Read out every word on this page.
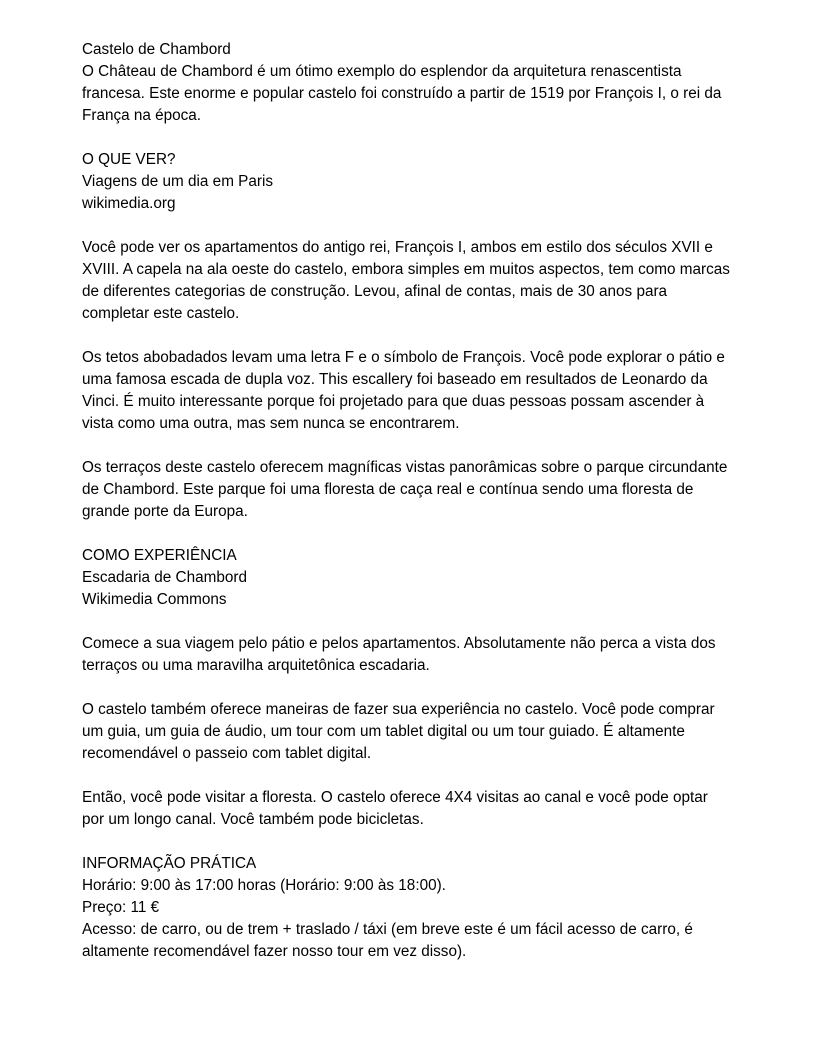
Castelo de Chambord
O Château de Chambord é um ótimo exemplo do esplendor da arquitetura renascentista francesa. Este enorme e popular castelo foi construído a partir de 1519 por François I, o rei da França na época.
O QUE VER?
Viagens de um dia em Paris
wikimedia.org
Você pode ver os apartamentos do antigo rei, François I, ambos em estilo dos séculos XVII e XVIII. A capela na ala oeste do castelo, embora simples em muitos aspectos, tem como marcas de diferentes categorias de construção. Levou, afinal de contas, mais de 30 anos para completar este castelo.
Os tetos abobadados levam uma letra F e o símbolo de François. Você pode explorar o pátio e uma famosa escada de dupla voz. This escallery foi baseado em resultados de Leonardo da Vinci. É muito interessante porque foi projetado para que duas pessoas possam ascender à vista como uma outra, mas sem nunca se encontrarem.
Os terraços deste castelo oferecem magníficas vistas panorâmicas sobre o parque circundante de Chambord. Este parque foi uma floresta de caça real e contínua sendo uma floresta de grande porte da Europa.
COMO EXPERIÊNCIA
Escadaria de Chambord
Wikimedia Commons
Comece a sua viagem pelo pátio e pelos apartamentos. Absolutamente não perca a vista dos terraços ou uma maravilha arquitetônica escadaria.
O castelo também oferece maneiras de fazer sua experiência no castelo. Você pode comprar um guia, um guia de áudio, um tour com um tablet digital ou um tour guiado. É altamente recomendável o passeio com tablet digital.
Então, você pode visitar a floresta. O castelo oferece 4X4 visitas ao canal e você pode optar por um longo canal. Você também pode bicicletas.
INFORMAÇÃO PRÁTICA
Horário: 9:00 às 17:00 horas (Horário: 9:00 às 18:00).
Preço: 11 €
Acesso: de carro, ou de trem + traslado / táxi (em breve este é um fácil acesso de carro, é altamente recomendável fazer nosso tour em vez disso).
